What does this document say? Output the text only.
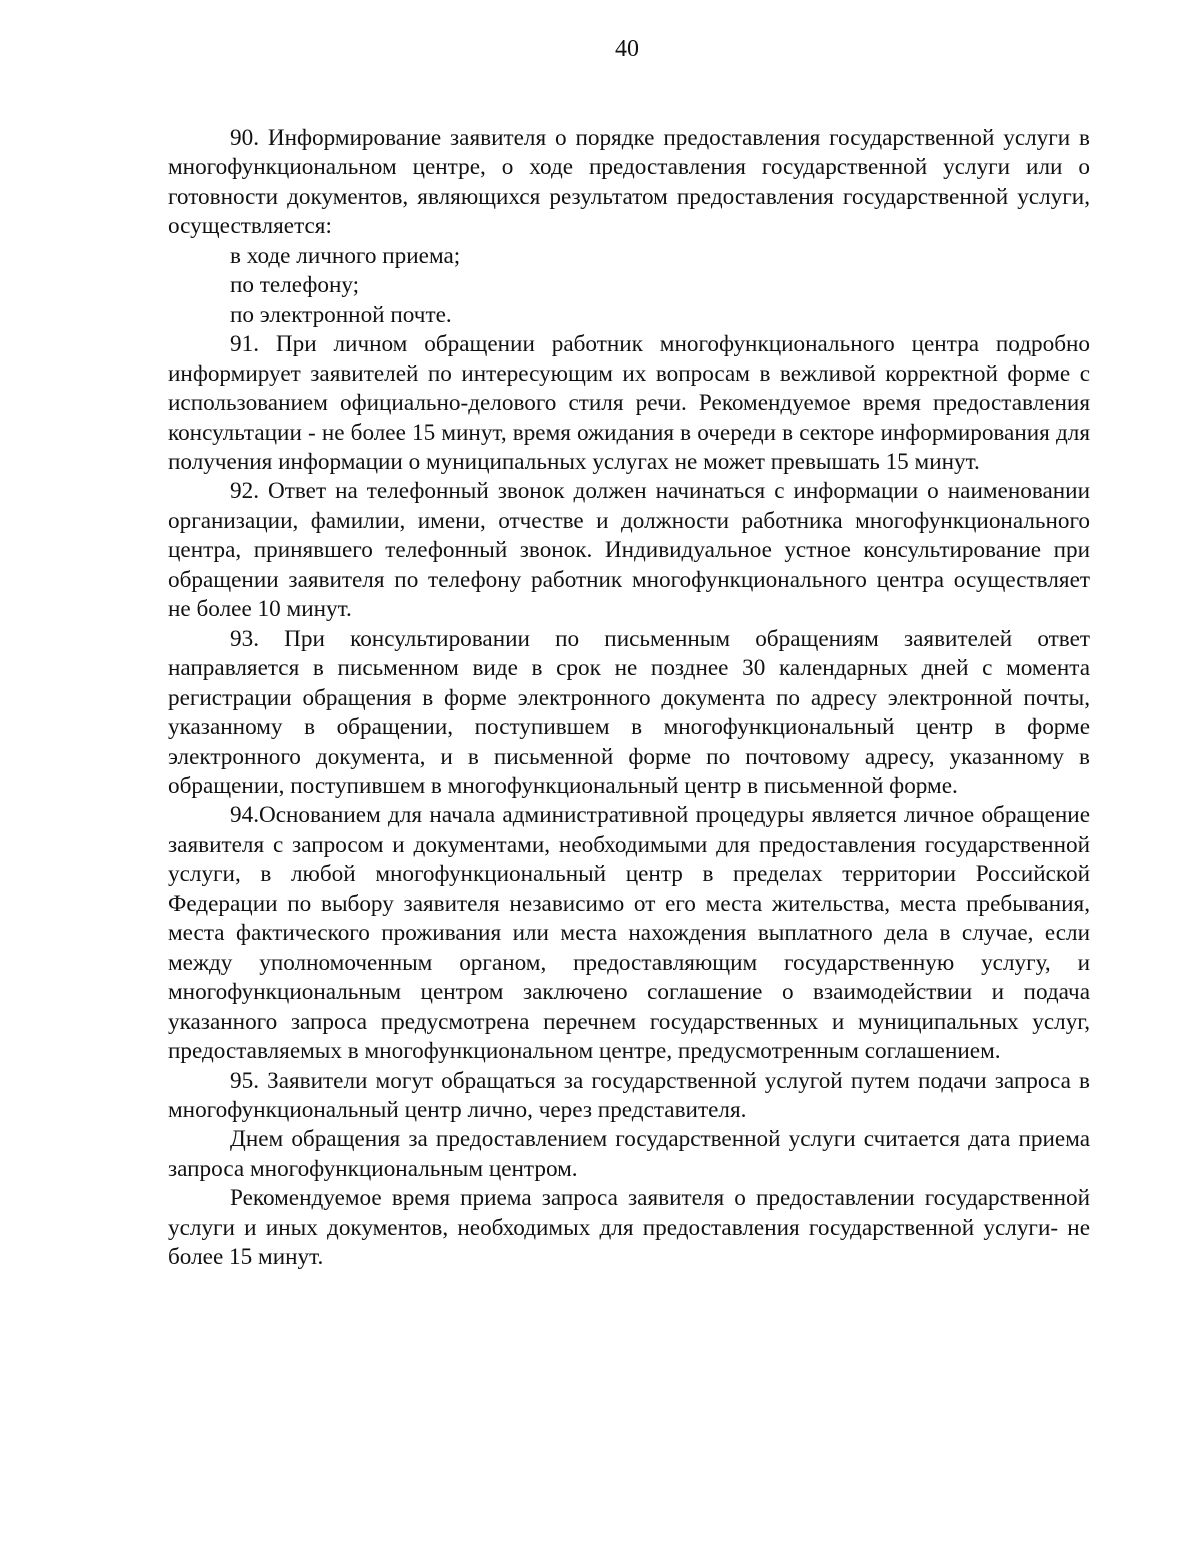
40

90. Информирование заявителя о порядке предоставления государственной услуги в многофункциональном центре, о ходе предоставления государственной услуги или о готовности документов, являющихся результатом предоставления государственной услуги, осуществляется:

в ходе личного приема;

по телефону;

по электронной почте.

91. При личном обращении работник многофункционального центра подробно информирует заявителей по интересующим их вопросам в вежливой корректной форме с использованием официально-делового стиля речи. Рекомендуемое время предоставления консультации - не более 15 минут, время ожидания в очереди в секторе информирования для получения информации о муниципальных услугах не может превышать 15 минут.

92. Ответ на телефонный звонок должен начинаться с информации о наименовании организации, фамилии, имени, отчестве и должности работника многофункционального центра, принявшего телефонный звонок. Индивидуальное устное консультирование при обращении заявителя по телефону работник многофункционального центра осуществляет не более 10 минут.

93. При консультировании по письменным обращениям заявителей ответ направляется в письменном виде в срок не позднее 30 календарных дней с момента регистрации обращения в форме электронного документа по адресу электронной почты, указанному в обращении, поступившем в многофункциональный центр в форме электронного документа, и в письменной форме по почтовому адресу, указанному в обращении, поступившем в многофункциональный центр в письменной форме.

94.Основанием для начала административной процедуры является личное обращение заявителя с запросом и документами, необходимыми для предоставления государственной услуги, в любой многофункциональный центр в пределах территории Российской Федерации по выбору заявителя независимо от его места жительства, места пребывания, места фактического проживания или места нахождения выплатного дела в случае, если между уполномоченным органом, предоставляющим государственную услугу, и многофункциональным центром заключено соглашение о взаимодействии и подача указанного запроса предусмотрена перечнем государственных и муниципальных услуг, предоставляемых в многофункциональном центре, предусмотренным соглашением.

95. Заявители могут обращаться за государственной услугой путем подачи запроса в многофункциональный центр лично, через представителя.

Днем обращения за предоставлением государственной услуги считается дата приема запроса многофункциональным центром.

Рекомендуемое время приема запроса заявителя о предоставлении государственной услуги и иных документов, необходимых для предоставления государственной услуги- не более 15 минут.
